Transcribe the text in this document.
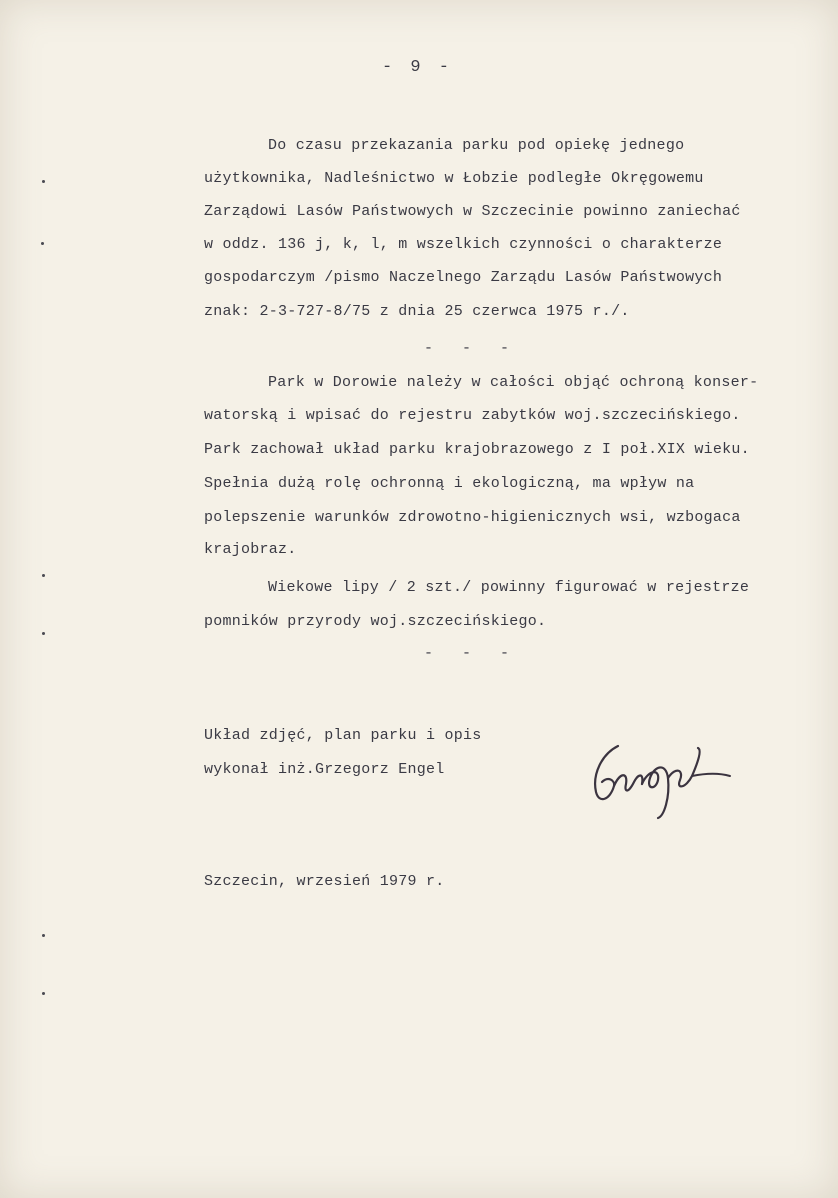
- 9 -
Do czasu przekazania parku pod opiekę jednego
użytkownika, Nadleśnictwo w Łobzie podległe Okręgowemu
Zarządowi Lasów Państwowych w Szczecinie powinno zaniechać
w oddz. 136 j, k, l, m wszelkich czynności o charakterze
gospodarczym /pismo Naczelnego Zarządu Lasów Państwowych
znak: 2-3-727-8/75 z dnia 25 czerwca 1975 r./.
- - -
Park w Dorowie należy w całości objąć ochroną konser-
watorską i wpisać do rejestru zabytków woj.szczecińskiego.
Park zachował układ parku krajobrazowego z I poł.XIX wieku.
Spełnia dużą rolę ochronną i ekologiczną, ma wpływ na
polepszenie warunków zdrowotno-higienicznych wsi, wzbogaca
krajobraz.
Wiekowe lipy / 2 szt./ powinny figurować w rejestrze
pomników przyrody woj.szczecińskiego.
- - -
Układ zdjęć, plan parku i opis
wykonał inż.Grzegorz Engel
Szczecin, wrzesień 1979 r.
